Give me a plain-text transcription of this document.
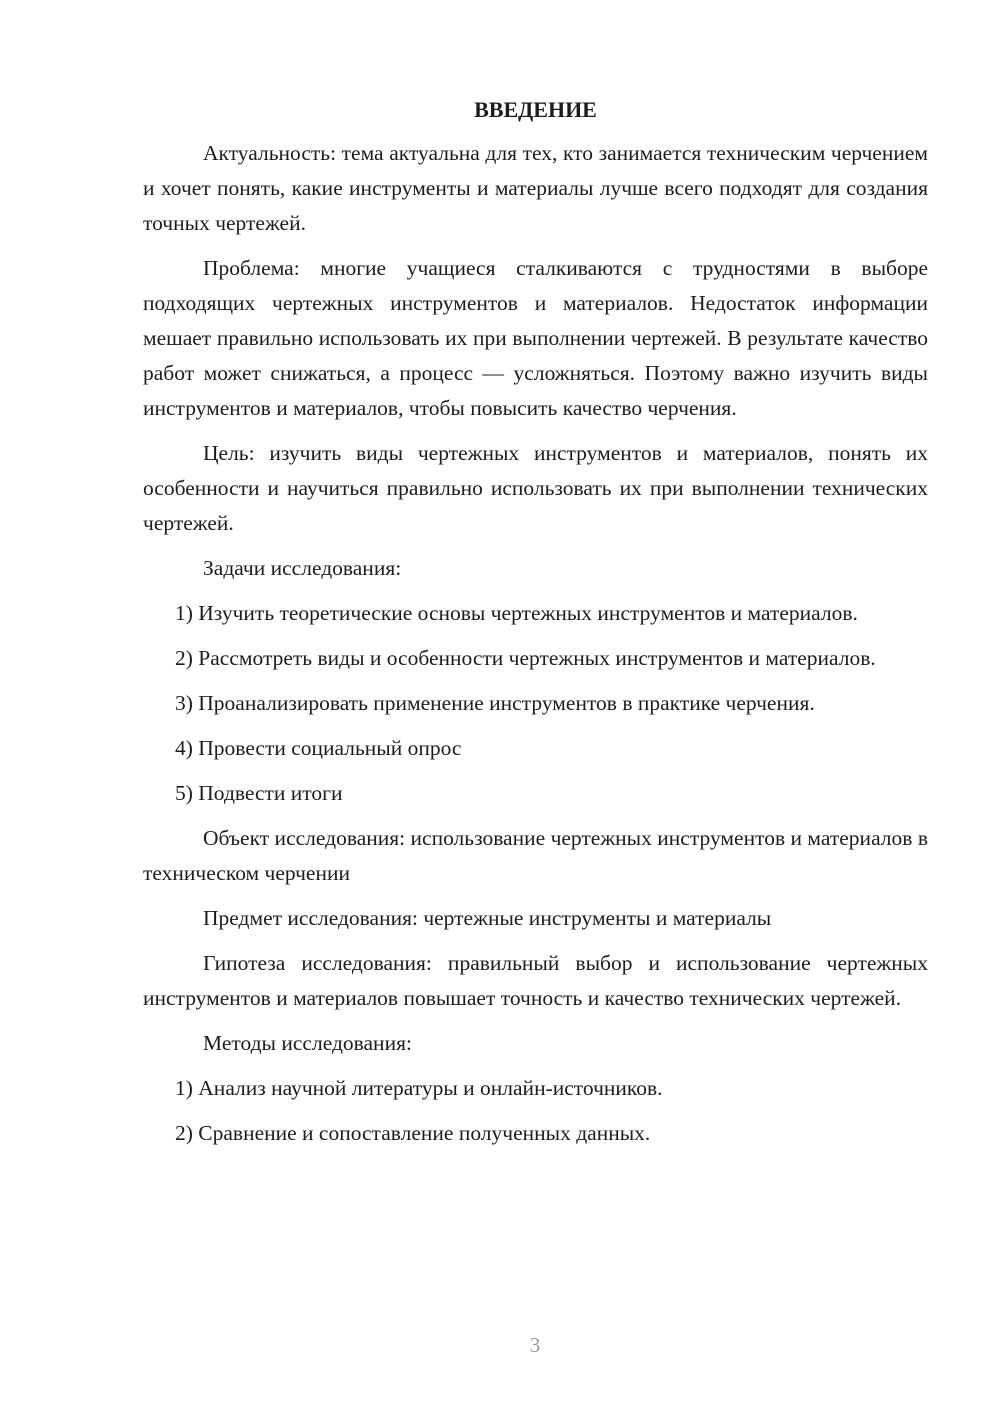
ВВЕДЕНИЕ

Актуальность: тема актуальна для тех, кто занимается техническим черчением и хочет понять, какие инструменты и материалы лучше всего подходят для создания точных чертежей.

Проблема: многие учащиеся сталкиваются с трудностями в выборе подходящих чертежных инструментов и материалов. Недостаток информации мешает правильно использовать их при выполнении чертежей. В результате качество работ может снижаться, а процесс — усложняться. Поэтому важно изучить виды инструментов и материалов, чтобы повысить качество черчения.

Цель: изучить виды чертежных инструментов и материалов, понять их особенности и научиться правильно использовать их при выполнении технических чертежей.

Задачи исследования:

1) Изучить теоретические основы чертежных инструментов и материалов.

2) Рассмотреть виды и особенности чертежных инструментов и материалов.

3) Проанализировать применение инструментов в практике черчения.

4) Провести социальный опрос

5) Подвести итоги

Объект исследования: использование чертежных инструментов и материалов в техническом черчении

Предмет исследования: чертежные инструменты и материалы

Гипотеза исследования: правильный выбор и использование чертежных инструментов и материалов повышает точность и качество технических чертежей.

Методы исследования:

1) Анализ научной литературы и онлайн-источников.

2) Сравнение и сопоставление полученных данных.

3
